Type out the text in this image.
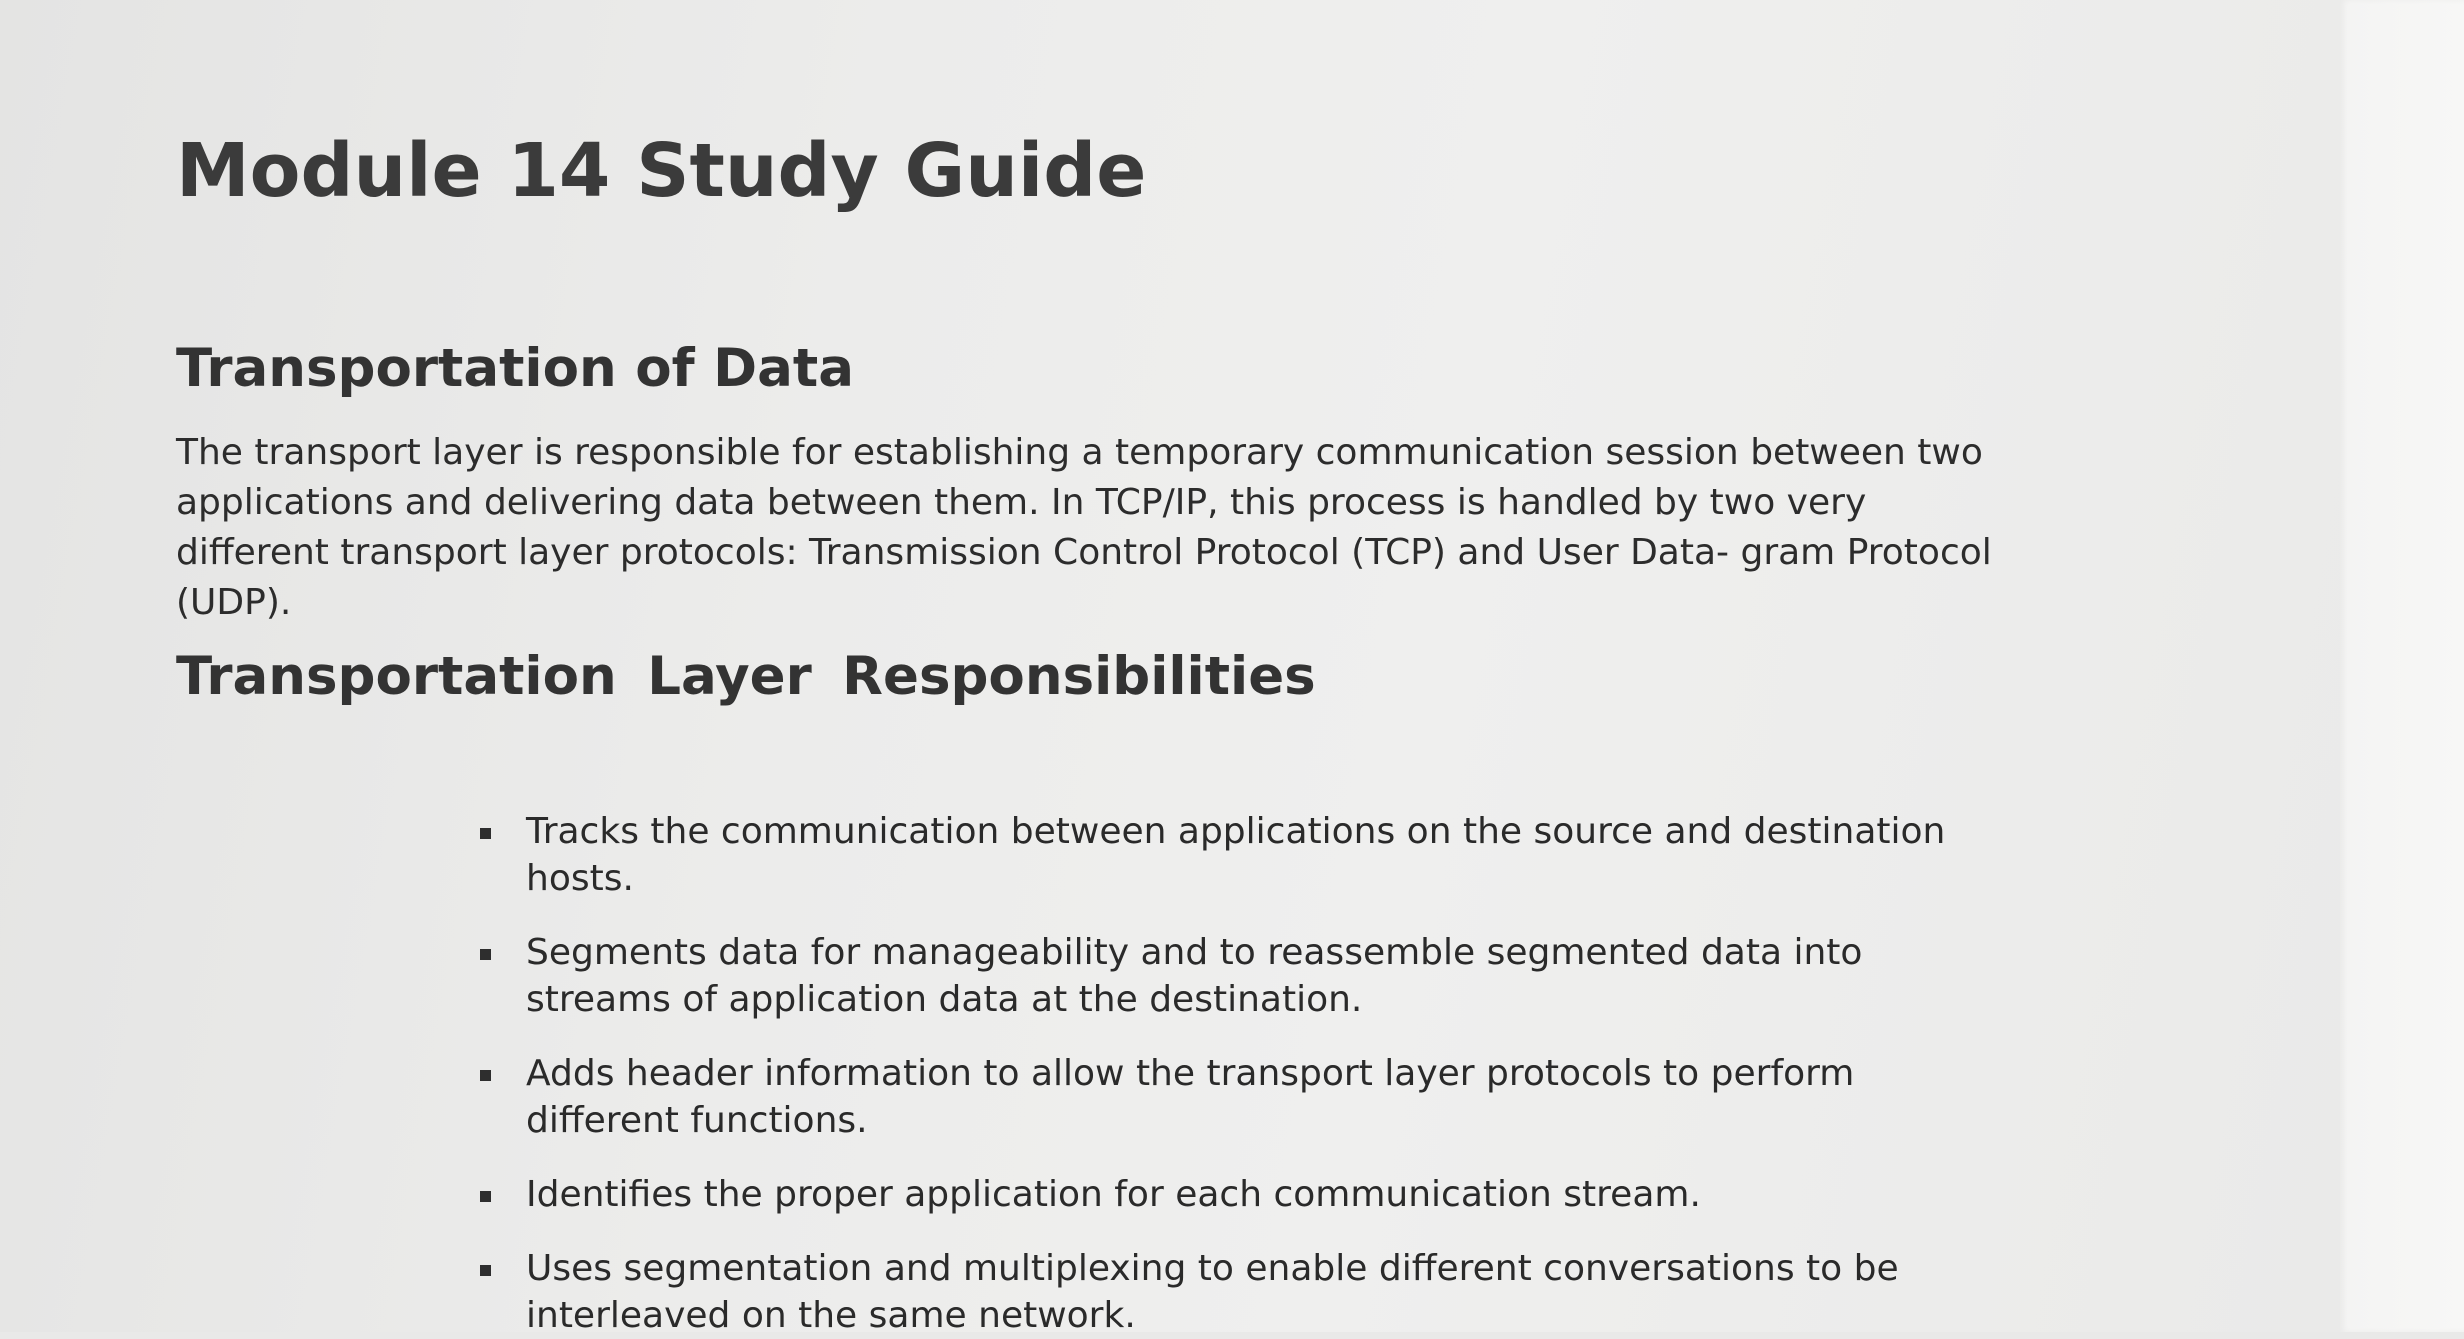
Module 14 Study Guide
Transportation of Data

The transport layer is responsible for establishing a temporary communication session between two applications and delivering data between them. In TCP/IP, this process is handled by two very different transport layer protocols: Transmission Control Protocol (TCP) and User Data- gram Protocol (UDP).

Transportation Layer Responsibilities
Tracks the communication between applications on the source and destination hosts.
Segments data for manageability and to reassemble segmented data into streams of application data at the destination.
Adds header information to allow the transport layer protocols to perform different functions.
Identifies the proper application for each communication stream.
Uses segmentation and multiplexing to enable different conversations to be interleaved on the same network.
